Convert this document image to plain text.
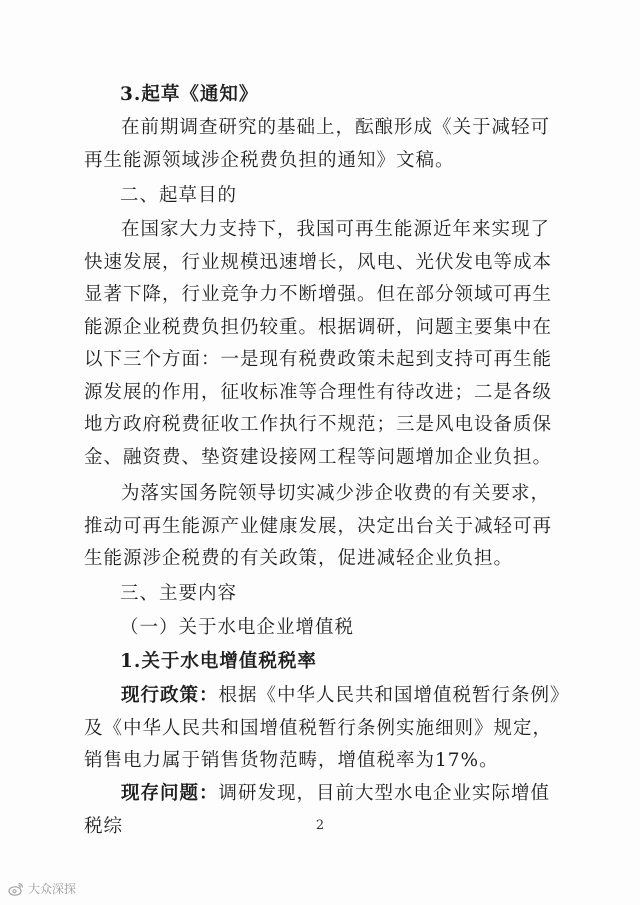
3.起草《通知》

在前期调查研究的基础上，酝酿形成《关于减轻可再生能源领域涉企税费负担的通知》文稿。

二、起草目的

在国家大力支持下，我国可再生能源近年来实现了快速发展，行业规模迅速增长，风电、光伏发电等成本显著下降，行业竞争力不断增强。但在部分领域可再生能源企业税费负担仍较重。根据调研，问题主要集中在以下三个方面：一是现有税费政策未起到支持可再生能源发展的作用，征收标准等合理性有待改进；二是各级地方政府税费征收工作执行不规范；三是风电设备质保金、融资费、垫资建设接网工程等问题增加企业负担。

为落实国务院领导切实减少涉企收费的有关要求，推动可再生能源产业健康发展，决定出台关于减轻可再生能源涉企税费的有关政策，促进减轻企业负担。

三、主要内容

（一）关于水电企业增值税

1.关于水电增值税税率

现行政策：根据《中华人民共和国增值税暂行条例》及《中华人民共和国增值税暂行条例实施细则》规定，销售电力属于销售货物范畴，增值税率为17%。

现存问题：调研发现，目前大型水电企业实际增值税综	2
大众深探
